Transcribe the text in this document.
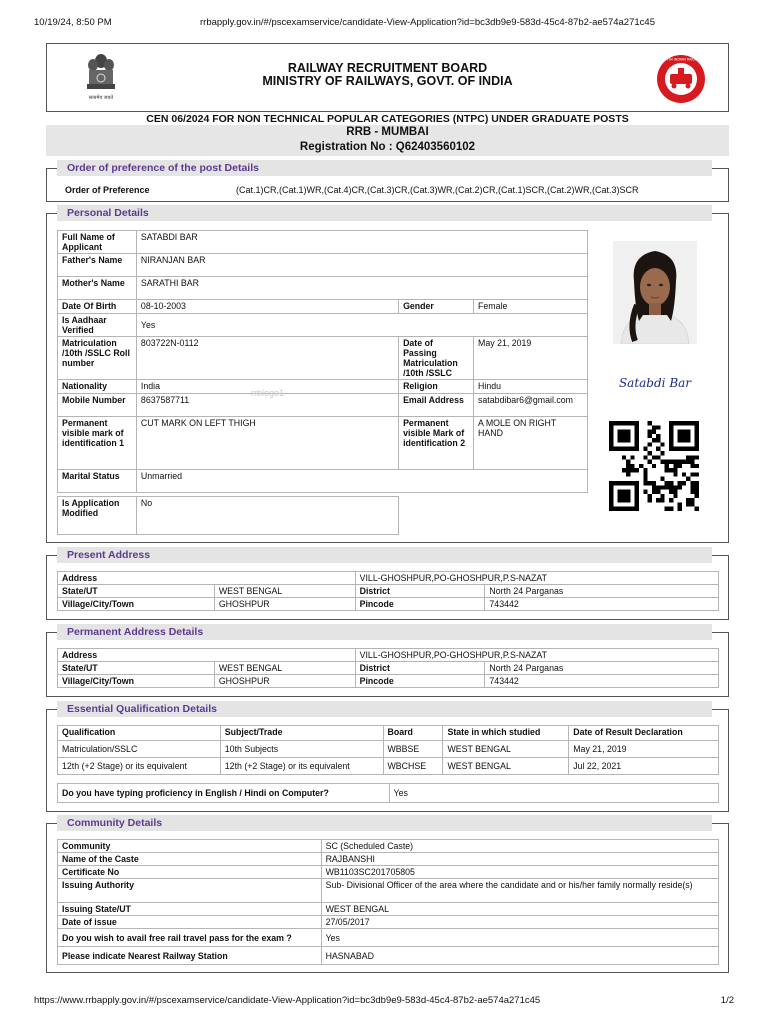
10/19/24, 8:50 PM	rrbapply.gov.in/#/pscexamservice/candidate-View-Application?id=bc3db9e9-583d-45c4-87b2-ae574a271c45
https://www.rrbapply.gov.in/#/pscexamservice/candidate-View-Application?id=bc3db9e9-583d-45c4-87b2-ae574a271c45	1/2
सत्यमेव जयते
RAILWAY RECRUITMENT BOARD
MINISTRY OF RAILWAYS, GOVT. OF INDIA
भारतीय रेल INDIAN RAILWAYS
CEN 06/2024 FOR NON TECHNICAL POPULAR CATEGORIES (NTPC) UNDER GRADUATE POSTS
RRB - MUMBAI
Registration No : Q62403560102
Order of preference of the post Details
Order of Preference	(Cat.1)CR,(Cat.1)WR,(Cat.4)CR,(Cat.3)CR,(Cat.3)WR,(Cat.2)CR,(Cat.1)SCR,(Cat.2)WR,(Cat.3)SCR
Personal Details
Full Name of Applicant	SATABDI BAR		
Father's Name	NIRANJAN BAR		
Mother's Name	SARATHI BAR		
Date Of Birth	08-10-2003	Gender	Female
Is Aadhaar Verified	Yes		
Matriculation /10th /SSLC Roll number	803722N-0112	Date of Passing Matriculation /10th /SSLC	May 21, 2019
Nationality	India	Religion	Hindu
Mobile Number	8637587711	Email Address	satabdibar6@gmail.com
Permanent visible mark of identification 1	CUT MARK ON LEFT THIGH	Permanent visible Mark of identification 2	A MOLE ON RIGHT HAND
Marital Status	Unmarried		
Is Application Modified	No
rrblogo1
Satabdi Bar
Present Address
Address		VILL-GHOSHPUR,PO-GHOSHPUR,P.S-NAZAT	
State/UT	WEST BENGAL	District	North 24 Parganas
Village/City/Town	GHOSHPUR	Pincode	743442
Permanent Address Details
Address		VILL-GHOSHPUR,PO-GHOSHPUR,P.S-NAZAT	
State/UT	WEST BENGAL	District	North 24 Parganas
Village/City/Town	GHOSHPUR	Pincode	743442
Essential Qualification Details
Qualification	Subject/Trade	Board	State in which studied	Date of Result Declaration
Matriculation/SSLC	10th Subjects	WBBSE	WEST BENGAL	May 21, 2019
12th (+2 Stage) or its equivalent	12th (+2 Stage) or its equivalent	WBCHSE	WEST BENGAL	Jul 22, 2021
Do you have typing proficiency in English / Hindi on Computer?	Yes
Community Details
Community	SC (Scheduled Caste)
Name of the Caste	RAJBANSHI
Certificate No	WB1103SC201705805
Issuing Authority	Sub- Divisional Officer of the area where the candidate and or his/her family normally reside(s)
Issuing State/UT	WEST BENGAL
Date of issue	27/05/2017
Do you wish to avail free rail travel pass for the exam ?	Yes
Please indicate Nearest Railway Station	HASNABAD
